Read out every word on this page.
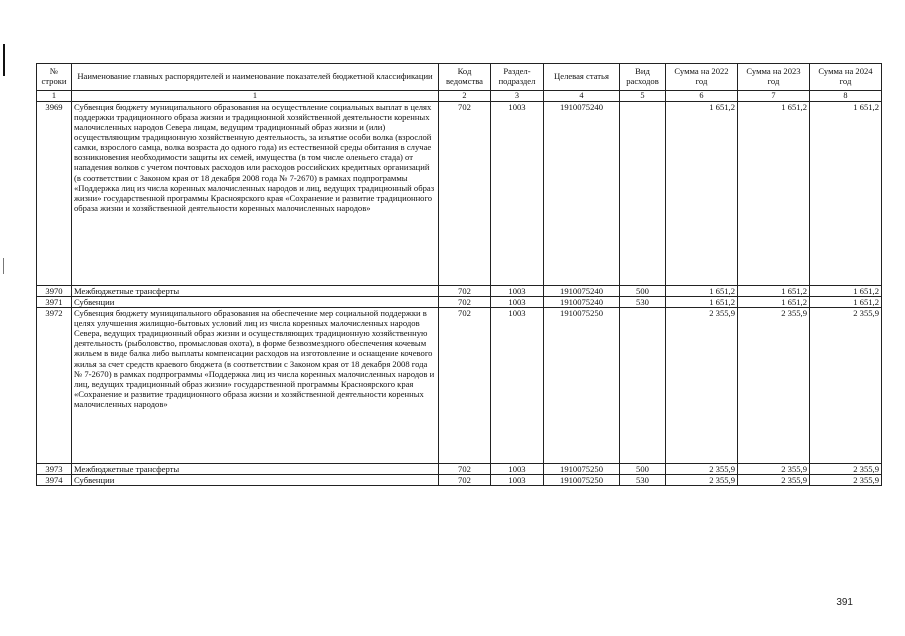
№ строки	Наименование главных распорядителей и наименование показателей бюджетной классификации	Код ведомства	Раздел-подраздел	Целевая статья	Вид расходов	Сумма на 2022 год	Сумма на 2023 год	Сумма на 2024 год
1	1	2	3	4	5	6	7	8
3969	Субвенция бюджету муниципального образования на осуществление социальных выплат в целях поддержки традиционного образа жизни и традиционной хозяйственной деятельности коренных малочисленных народов Севера лицам, ведущим традиционный образ жизни и (или) осуществляющим традиционную хозяйственную деятельность, за изъятие особи волка (взрослой самки, взрослого самца, волка возраста до одного года) из естественной среды обитания в случае возникновения необходимости защиты их семей, имущества (в том числе оленьего стада) от нападения волков с учетом почтовых расходов или расходов российских кредитных организаций (в соответствии с Законом края от 18 декабря 2008 года № 7-2670) в рамках подпрограммы «Поддержка лиц из числа коренных малочисленных народов и лиц, ведущих традиционный образ жизни» государственной программы Красноярского края «Сохранение и развитие традиционного образа жизни и хозяйственной деятельности коренных малочисленных народов»	702	1003	1910075240		1 651,2	1 651,2	1 651,2
3970	Межбюджетные трансферты	702	1003	1910075240	500	1 651,2	1 651,2	1 651,2
3971	Субвенции	702	1003	1910075240	530	1 651,2	1 651,2	1 651,2
3972	Субвенция бюджету муниципального образования на обеспечение мер социальной поддержки в целях улучшения жилищно-бытовых условий лиц из числа коренных малочисленных народов Севера, ведущих традиционный образ жизни и осуществляющих традиционную хозяйственную деятельность (рыболовство, промысловая охота), в форме безвозмездного обеспечения кочевым жильем в виде балка либо выплаты компенсации расходов на изготовление и оснащение кочевого жилья за счет средств краевого бюджета (в соответствии с Законом края от 18 декабря 2008 года № 7-2670) в рамках подпрограммы «Поддержка лиц из числа коренных малочисленных народов и лиц, ведущих традиционный образ жизни» государственной программы Красноярского края «Сохранение и развитие традиционного образа жизни и хозяйственной деятельности коренных малочисленных народов»	702	1003	1910075250		2 355,9	2 355,9	2 355,9
3973	Межбюджетные трансферты	702	1003	1910075250	500	2 355,9	2 355,9	2 355,9
3974	Субвенции	702	1003	1910075250	530	2 355,9	2 355,9	2 355,9
391
